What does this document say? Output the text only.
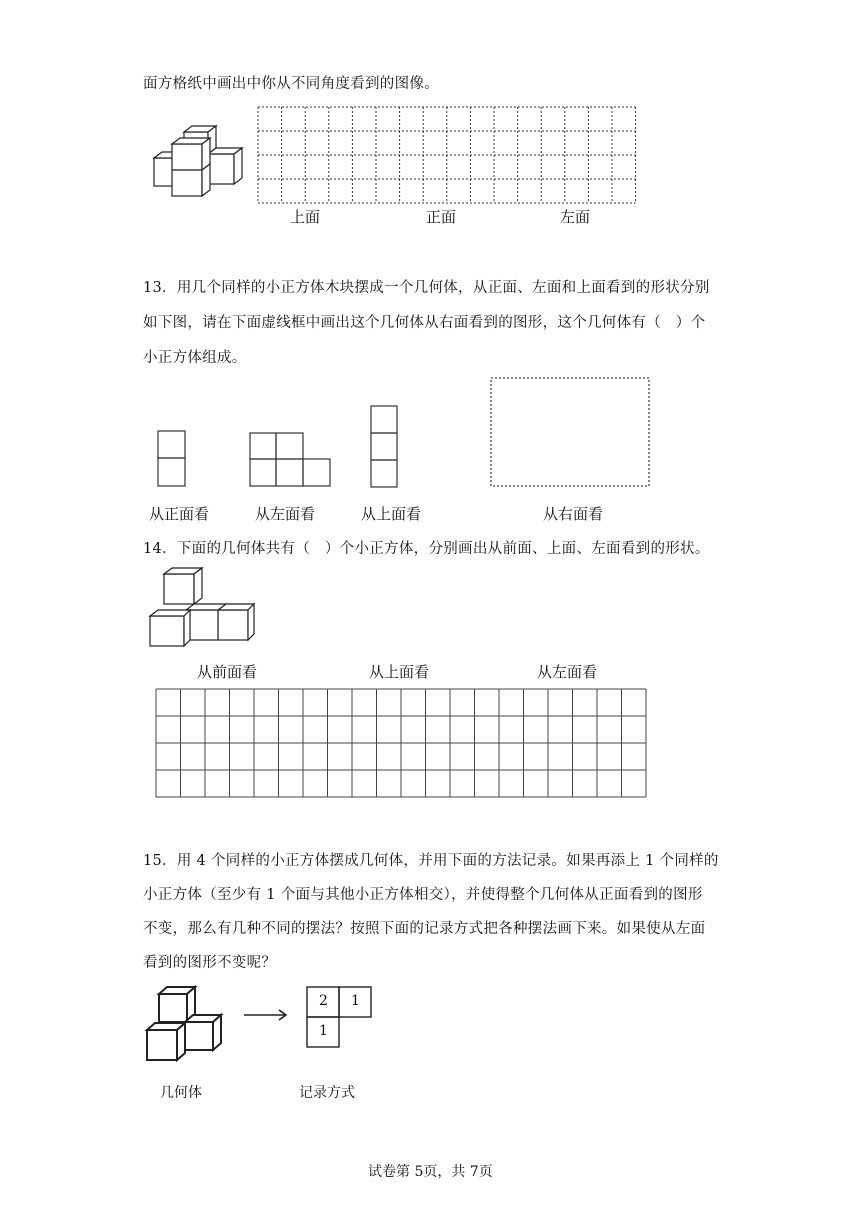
面方格纸中画出中你从不同角度看到的图像。
上面	正面	左面
13．用几个同样的小正方体木块摆成一个几何体，从正面、左面和上面看到的形状分别
如下图，请在下面虚线框中画出这个几何体从右面看到的图形，这个几何体有（　）个
小正方体组成。
从正面看	从左面看	从上面看	从右面看
14．下面的几何体共有（　）个小正方体，分别画出从前面、上面、左面看到的形状。
从前面看	从上面看	从左面看
15．用 4 个同样的小正方体摆成几何体，并用下面的方法记录。如果再添上 1 个同样的
小正方体（至少有 1 个面与其他小正方体相交），并使得整个几何体从正面看到的图形
不变，那么有几种不同的摆法？按照下面的记录方式把各种摆法画下来。如果使从左面
看到的图形不变呢？
2 1
1
几何体	记录方式
试卷第 5页，共 7页
